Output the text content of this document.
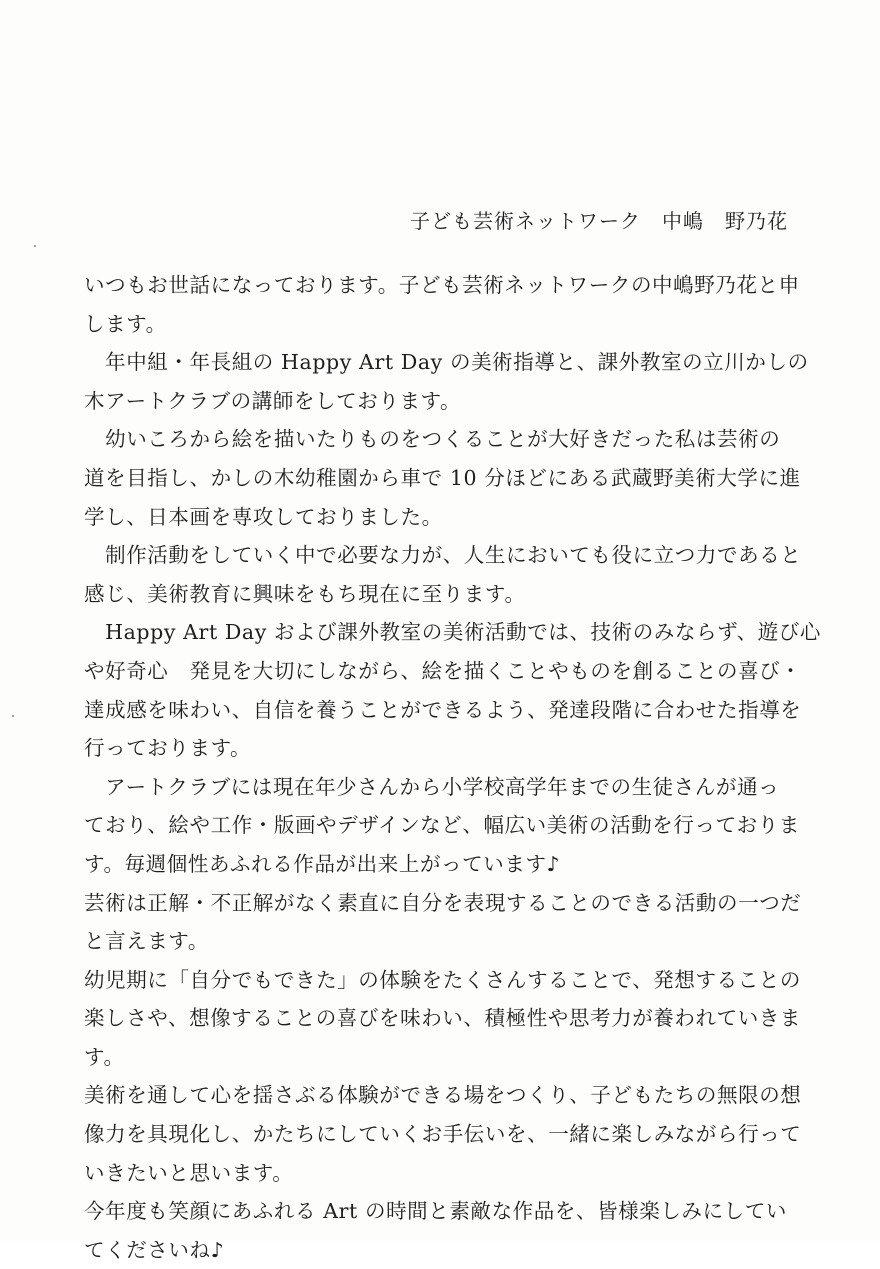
子ども芸術ネットワーク　中嶋　野乃花
いつもお世話になっております。子ども芸術ネットワークの中嶋野乃花と申
します。
　年中組・年長組の Happy Art Day の美術指導と、課外教室の立川かしの
木アートクラブの講師をしております。
　幼いころから絵を描いたりものをつくることが大好きだった私は芸術の
道を目指し、かしの木幼稚園から車で 10 分ほどにある武蔵野美術大学に進
学し、日本画を専攻しておりました。
　制作活動をしていく中で必要な力が、人生においても役に立つ力であると
感じ、美術教育に興味をもち現在に至ります。
　Happy Art Day および課外教室の美術活動では、技術のみならず、遊び心
や好奇心　発見を大切にしながら、絵を描くことやものを創ることの喜び・
達成感を味わい、自信を養うことができるよう、発達段階に合わせた指導を
行っております。
　アートクラブには現在年少さんから小学校高学年までの生徒さんが通っ
ており、絵や工作・版画やデザインなど、幅広い美術の活動を行っておりま
す。毎週個性あふれる作品が出来上がっています♪
芸術は正解・不正解がなく素直に自分を表現することのできる活動の一つだ
と言えます。
幼児期に「自分でもできた」の体験をたくさんすることで、発想することの
楽しさや、想像することの喜びを味わい、積極性や思考力が養われていきま
す。
美術を通して心を揺さぶる体験ができる場をつくり、子どもたちの無限の想
像力を具現化し、かたちにしていくお手伝いを、一緒に楽しみながら行って
いきたいと思います。
今年度も笑顔にあふれる Art の時間と素敵な作品を、皆様楽しみにしてい
てくださいね♪
